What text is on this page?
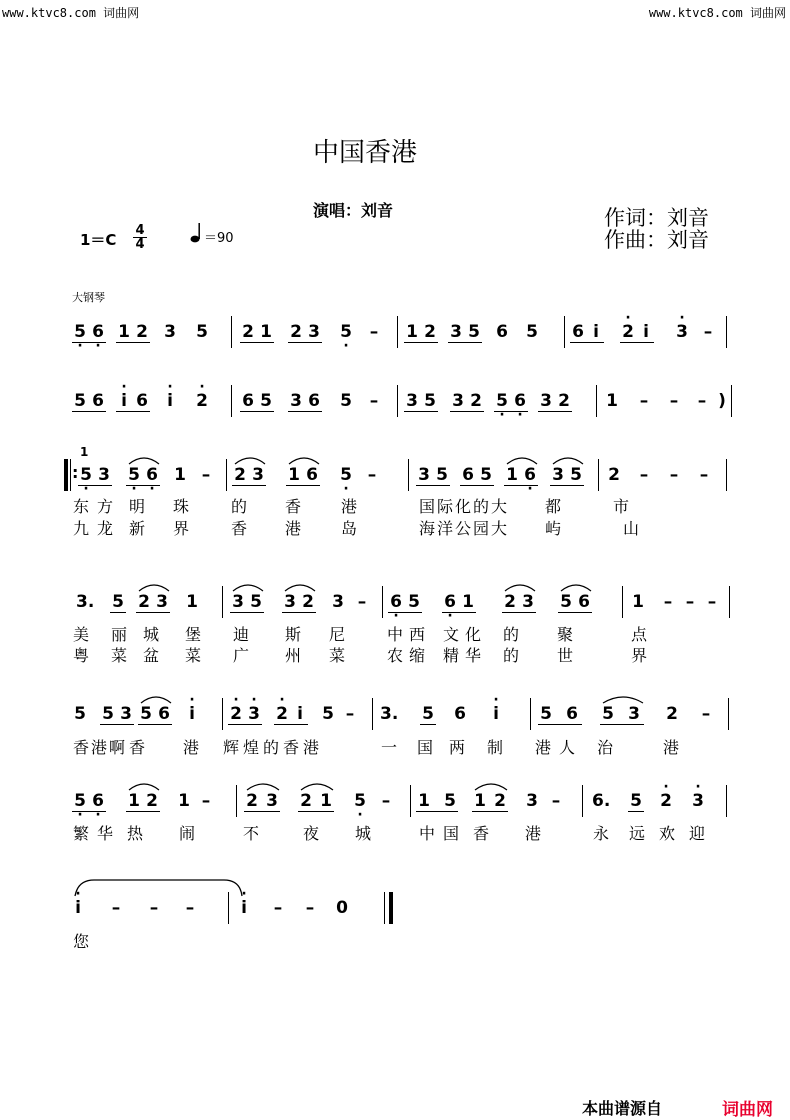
www.ktvc8.com 词曲网	www.ktvc8.com 词曲网
中国香港
演唱：刘音	作词：刘音
作曲：刘音
1＝C
4
4	＝90
大钢琴
5 · 6 · 1 2 3 5 2 1 2 3 5 · – 1 2 3 5 6 5 6 i · 2 i · 3 –
5 6 · i 6 · i · 2 6 5 3 6 5 – 3 5 3 2 5 · 6 · 3 2 1 – – – )
1
: 5 · 3 5 · 6 · 1 – 2 3 1 6 5 · – 3 5 6 5 1 6 · 3 5 2 – – –
东 方 明 珠	的 香 港	国 际 化 的 大 都	市
九 龙 新 界	香 港 岛	海 洋 公 园 大 屿	山
3. 5 2 3 1 3 5 3 2 3 – 6 · 5 6 · 1 2 3 5 6 1 – – –
美 丽 城 堡 迪 斯 尼	中 西 文 化 的 聚	点
粤 菜 盆 菜 广 州 菜	农 缩 精 华 的 世	界
5 5 3 5 6 · i · 2 · 3 · 2 i 5 – 3. 5 6 · i 5 6 5 3 2 –
香 港 啊 香 港 辉 煌 的 香 港	一 国 两 制 港 人 治	港
5 · 6 · 1 2 1 – 2 3 2 1 5 · – 1 5 1 2 3 – 6. 5 · 2 · 3
繁 华 热 闹	不	夜 城	中 国 香 港	永 远 欢 迎
· i – – –	· i – – 0
您
本曲谱源自	词曲网
